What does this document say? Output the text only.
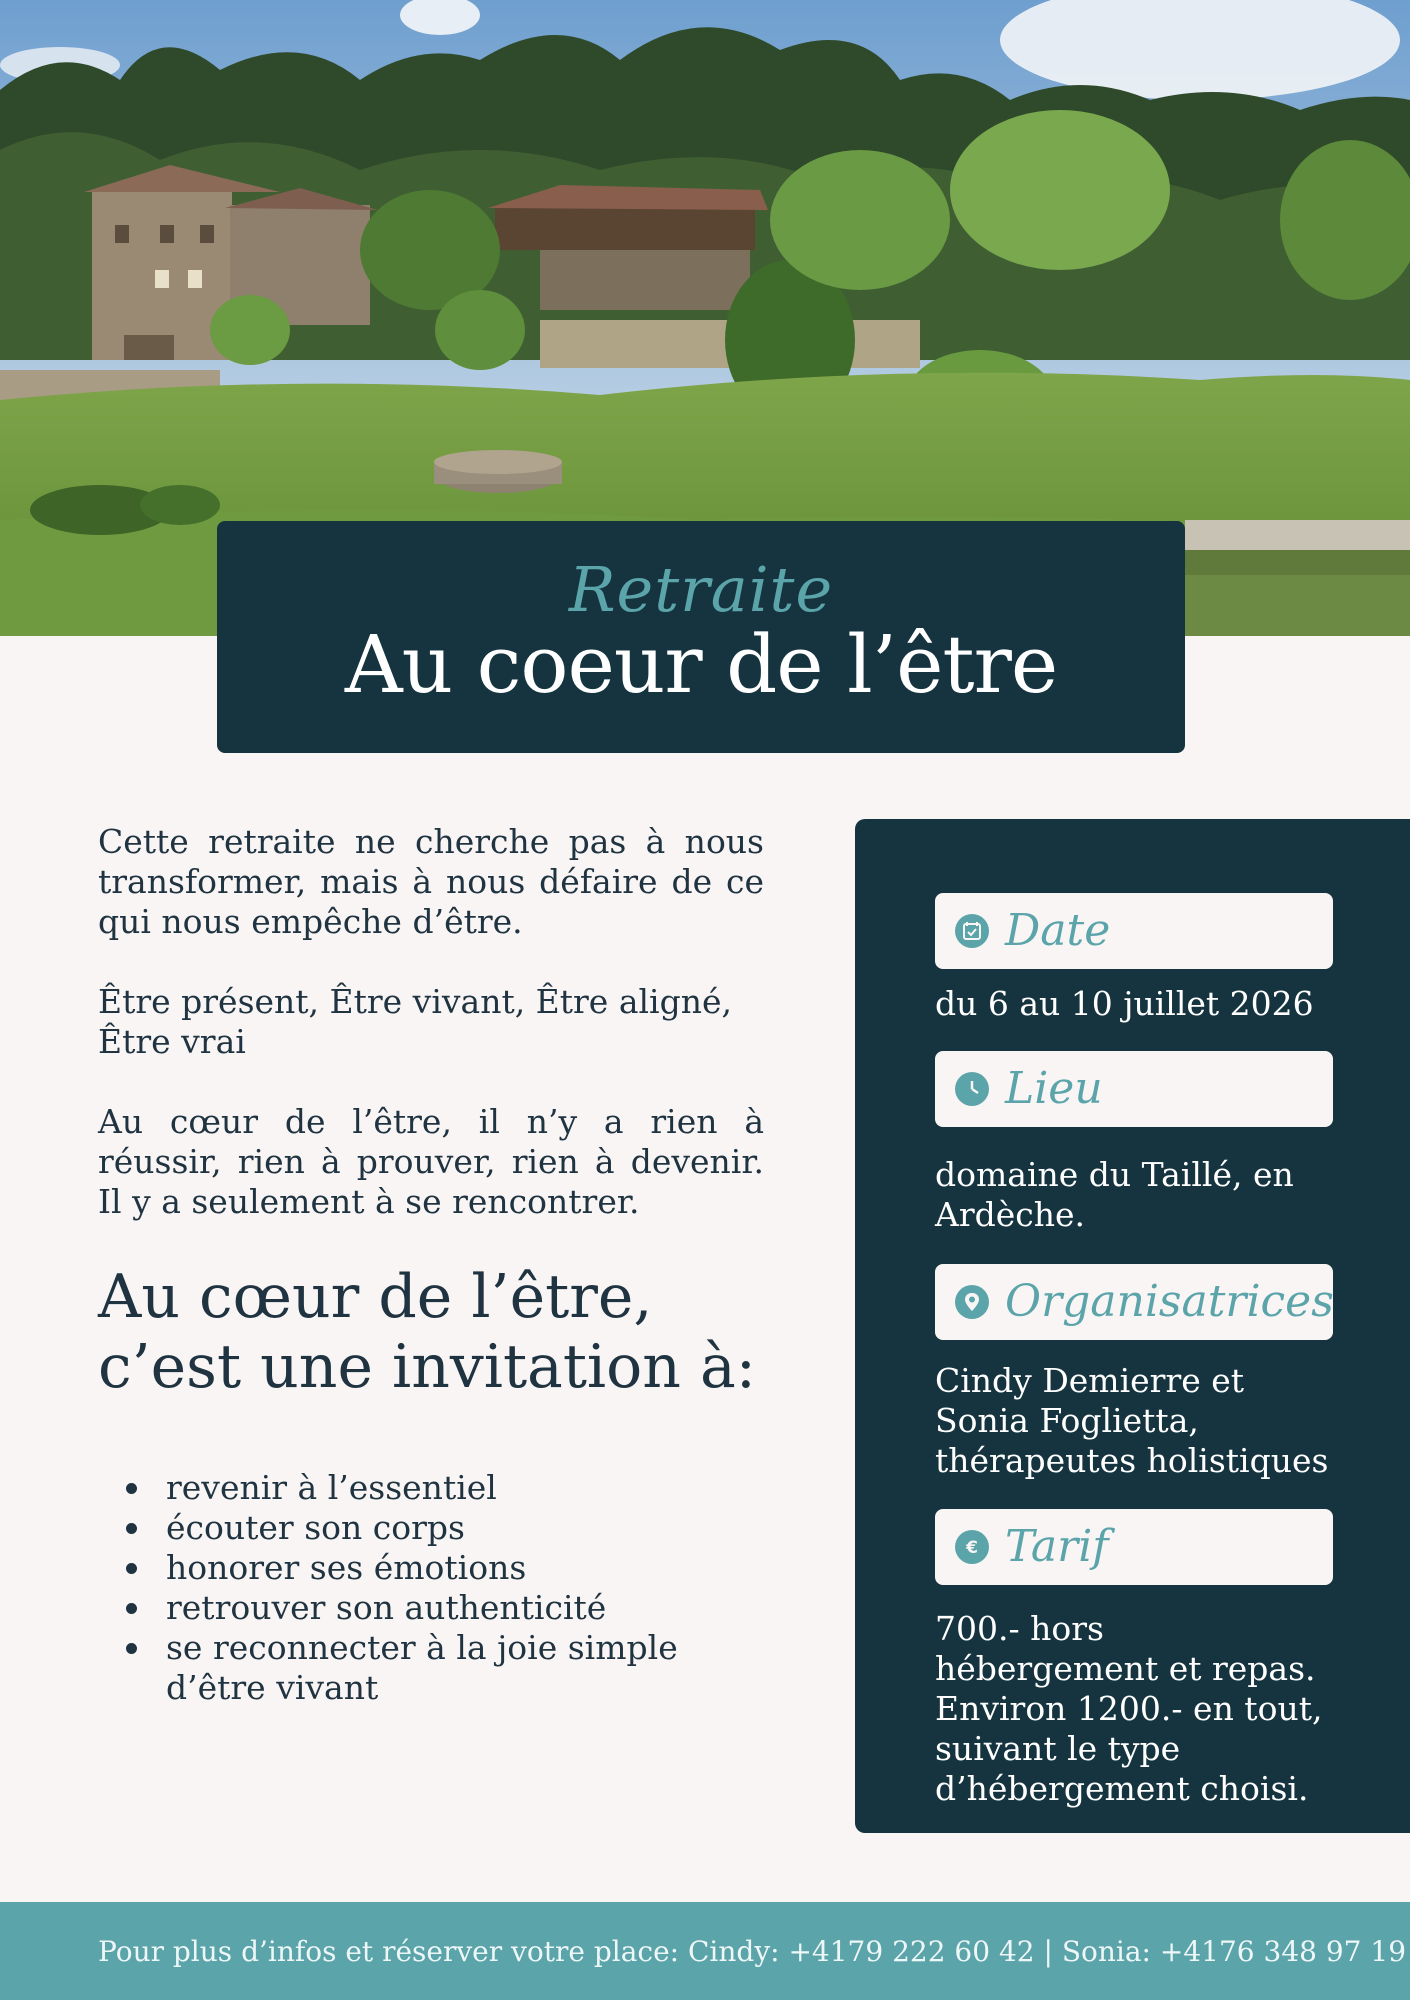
Retraite
Au coeur de l’être

Cette retraite ne cherche pas à nous transformer, mais à nous défaire de ce qui nous empêche d’être.

Être présent, Être vivant, Être aligné, Être vrai

Au cœur de l’être, il n’y a rien à réussir, rien à prouver, rien à devenir. Il y a seulement à se rencontrer.

Au cœur de l’être, c’est une invitation à:
revenir à l’essentiel
écouter son corps
honorer ses émotions
retrouver son authenticité
se reconnecter à la joie simple d’être vivant
Date
du 6 au 10 juillet 2026
Lieu
domaine du Taillé, en Ardèche.
Organisatrices
Cindy Demierre et Sonia Foglietta, thérapeutes holistiques
€ Tarif
700.- hors hébergement et repas. Environ 1200.- en tout, suivant le type d’hébergement choisi.
Pour plus d’infos et réserver votre place: Cindy: +4179 222 60 42 | Sonia: +4176 348 97 19
